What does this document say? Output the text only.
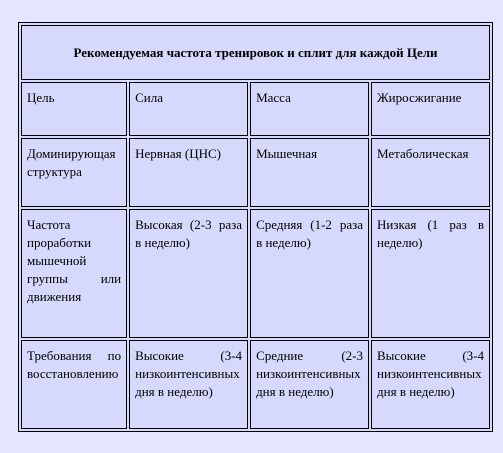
Рекомендуемая частота тренировок и сплит для каждой Цели			
Цель	Сила	Масса	Жиросжигание
Доминирующая структура	Нервная (ЦНС)	Мышечная	Метаболическая
Частота проработки мышечной группы или движения	Высокая (2-3 раза в неделю)	Средняя (1-2 раза в неделю)	Низкая (1 раз в неделю)
Требования по восстановлению	Высокие (3-4 низкоинтенсивных дня в неделю)	Средние (2-3 низкоинтенсивных дня в неделю)	Высокие (3-4 низкоинтенсивных дня в неделю)
